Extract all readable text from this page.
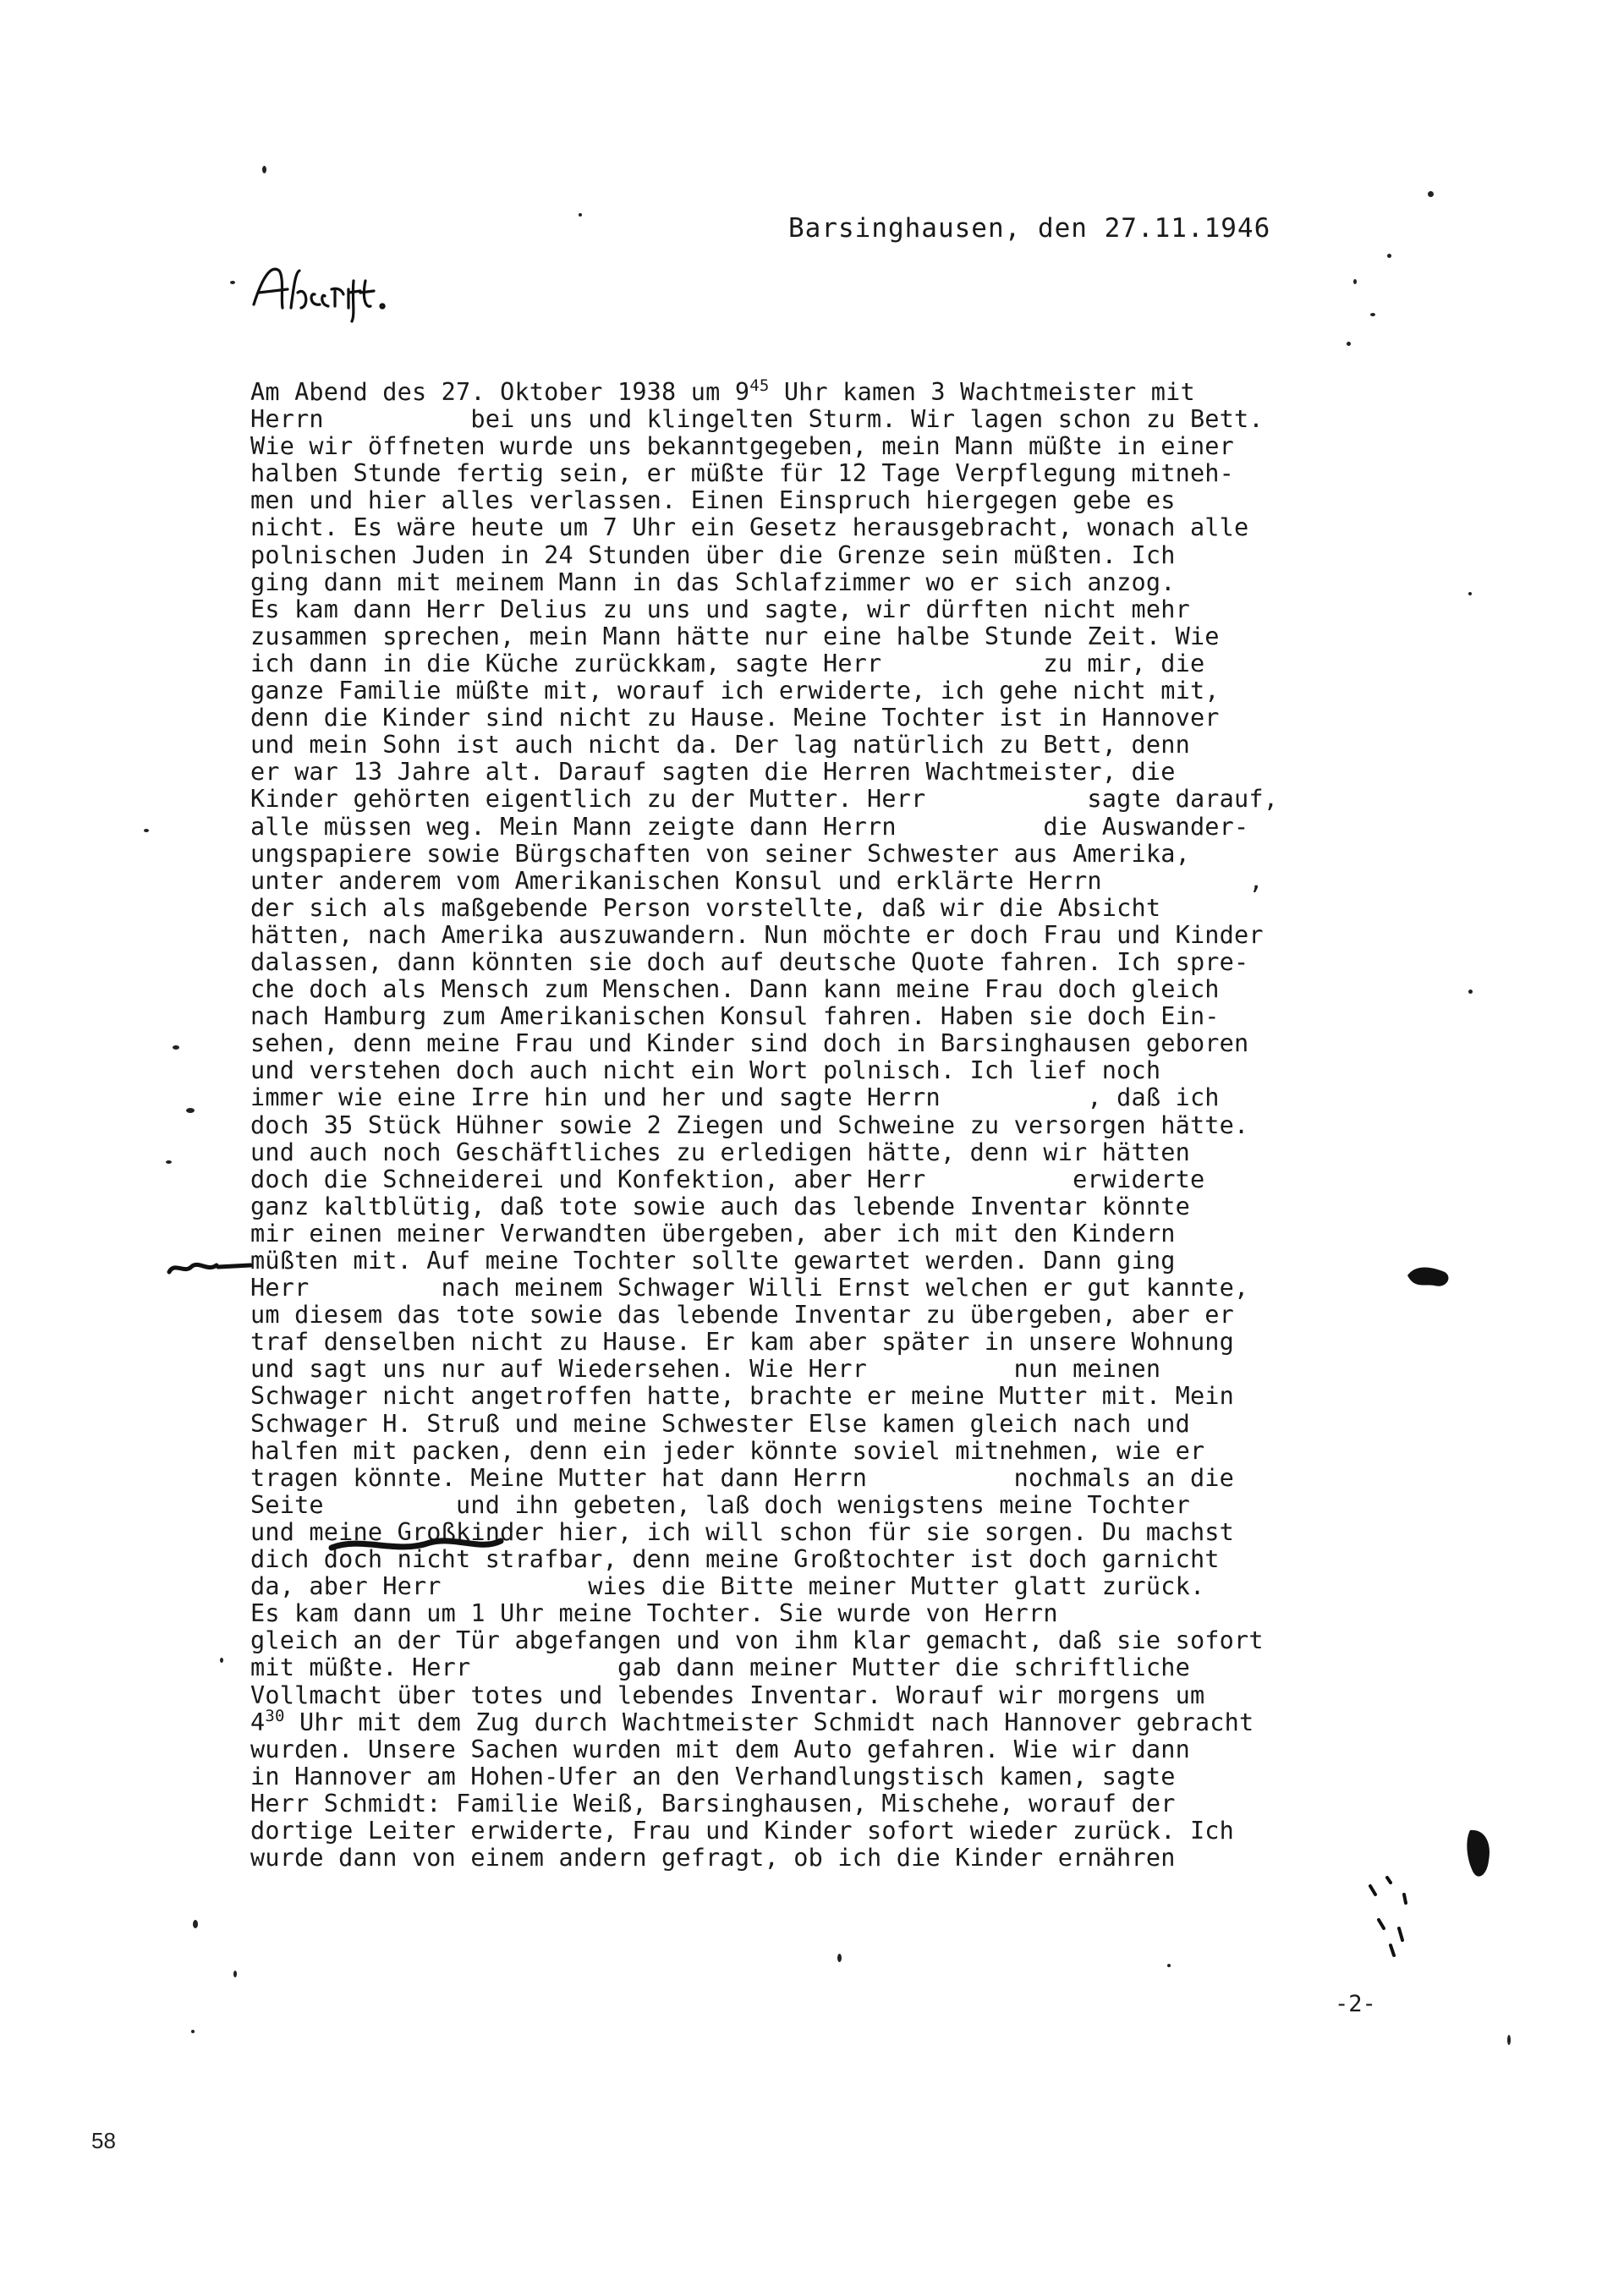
Barsinghausen, den 27.11.1946
Am Abend des 27. Oktober 1938 um $9^{45}$ Uhr kamen 3 Wachtmeister mit
Herrn          bei uns und klingelten Sturm. Wir lagen schon zu Bett.
Wie wir öffneten wurde uns bekanntgegeben, mein Mann müßte in einer
halben Stunde fertig sein, er müßte für 12 Tage Verpflegung mitneh-
men und hier alles verlassen. Einen Einspruch hiergegen gebe es
nicht. Es wäre heute um 7 Uhr ein Gesetz herausgebracht, wonach alle
polnischen Juden in 24 Stunden über die Grenze sein müßten. Ich
ging dann mit meinem Mann in das Schlafzimmer wo er sich anzog.
Es kam dann Herr Delius zu uns und sagte, wir dürften nicht mehr
zusammen sprechen, mein Mann hätte nur eine halbe Stunde Zeit. Wie
ich dann in die Küche zurückkam, sagte Herr           zu mir, die
ganze Familie müßte mit, worauf ich erwiderte, ich gehe nicht mit,
denn die Kinder sind nicht zu Hause. Meine Tochter ist in Hannover
und mein Sohn ist auch nicht da. Der lag natürlich zu Bett, denn
er war 13 Jahre alt. Darauf sagten die Herren Wachtmeister, die
Kinder gehörten eigentlich zu der Mutter. Herr           sagte darauf,
alle müssen weg. Mein Mann zeigte dann Herrn          die Auswander-
ungspapiere sowie Bürgschaften von seiner Schwester aus Amerika,
unter anderem vom Amerikanischen Konsul und erklärte Herrn          ,
der sich als maßgebende Person vorstellte, daß wir die Absicht
hätten, nach Amerika auszuwandern. Nun möchte er doch Frau und Kinder
dalassen, dann könnten sie doch auf deutsche Quote fahren. Ich spre-
che doch als Mensch zum Menschen. Dann kann meine Frau doch gleich
nach Hamburg zum Amerikanischen Konsul fahren. Haben sie doch Ein-
sehen, denn meine Frau und Kinder sind doch in Barsinghausen geboren
und verstehen doch auch nicht ein Wort polnisch. Ich lief noch
immer wie eine Irre hin und her und sagte Herrn          , daß ich
doch 35 Stück Hühner sowie 2 Ziegen und Schweine zu versorgen hätte.
und auch noch Geschäftliches zu erledigen hätte, denn wir hätten
doch die Schneiderei und Konfektion, aber Herr          erwiderte
ganz kaltblütig, daß tote sowie auch das lebende Inventar könnte
mir einen meiner Verwandten übergeben, aber ich mit den Kindern
müßten mit. Auf meine Tochter sollte gewartet werden. Dann ging
Herr         nach meinem Schwager Willi Ernst welchen er gut kannte,
um diesem das tote sowie das lebende Inventar zu übergeben, aber er
traf denselben nicht zu Hause. Er kam aber später in unsere Wohnung
und sagt uns nur auf Wiedersehen. Wie Herr          nun meinen
Schwager nicht angetroffen hatte, brachte er meine Mutter mit. Mein
Schwager H. Struß und meine Schwester Else kamen gleich nach und
halfen mit packen, denn ein jeder könnte soviel mitnehmen, wie er
tragen könnte. Meine Mutter hat dann Herrn          nochmals an die
Seite         und ihn gebeten, laß doch wenigstens meine Tochter
und meine Großkinder hier, ich will schon für sie sorgen. Du machst
dich doch nicht strafbar, denn meine Großtochter ist doch garnicht
da, aber Herr          wies die Bitte meiner Mutter glatt zurück.
Es kam dann um 1 Uhr meine Tochter. Sie wurde von Herrn
gleich an der Tür abgefangen und von ihm klar gemacht, daß sie sofort
mit müßte. Herr          gab dann meiner Mutter die schriftliche
Vollmacht über totes und lebendes Inventar. Worauf wir morgens um
$4^{30}$ Uhr mit dem Zug durch Wachtmeister Schmidt nach Hannover gebracht
wurden. Unsere Sachen wurden mit dem Auto gefahren. Wie wir dann
in Hannover am Hohen-Ufer an den Verhandlungstisch kamen, sagte
Herr Schmidt: Familie Weiß, Barsinghausen, Mischehe, worauf der
dortige Leiter erwiderte, Frau und Kinder sofort wieder zurück. Ich
wurde dann von einem andern gefragt, ob ich die Kinder ernähren
-2-
58
